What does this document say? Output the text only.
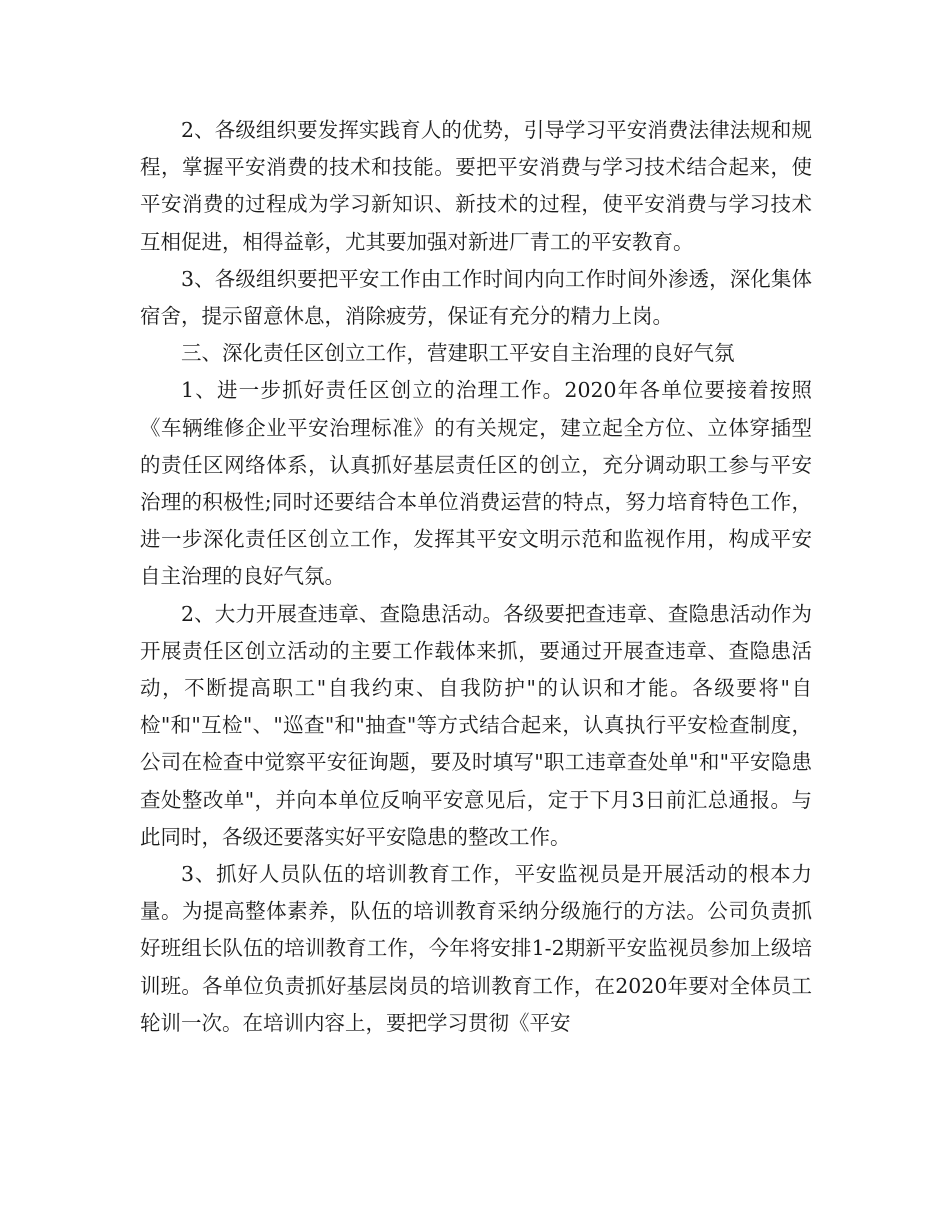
2、各级组织要发挥实践育人的优势，引导学习平安消费法律法规和规程，掌握平安消费的技术和技能。要把平安消费与学习技术结合起来，使平安消费的过程成为学习新知识、新技术的过程，使平安消费与学习技术互相促进，相得益彰，尤其要加强对新进厂青工的平安教育。

3、各级组织要把平安工作由工作时间内向工作时间外渗透，深化集体宿舍，提示留意休息，消除疲劳，保证有充分的精力上岗。

三、深化责任区创立工作，营建职工平安自主治理的良好气氛

1、进一步抓好责任区创立的治理工作。2020年各单位要接着按照《车辆维修企业平安治理标准》的有关规定，建立起全方位、立体穿插型的责任区网络体系，认真抓好基层责任区的创立，充分调动职工参与平安治理的积极性;同时还要结合本单位消费运营的特点，努力培育特色工作，进一步深化责任区创立工作，发挥其平安文明示范和监视作用，构成平安自主治理的良好气氛。

2、大力开展查违章、查隐患活动。各级要把查违章、查隐患活动作为开展责任区创立活动的主要工作载体来抓，要通过开展查违章、查隐患活动，不断提高职工"自我约束、自我防护"的认识和才能。各级要将"自检"和"互检"、"巡查"和"抽查"等方式结合起来，认真执行平安检查制度，公司在检查中觉察平安征询题，要及时填写"职工违章查处单"和"平安隐患查处整改单"，并向本单位反响平安意见后，定于下月3日前汇总通报。与此同时，各级还要落实好平安隐患的整改工作。

3、抓好人员队伍的培训教育工作，平安监视员是开展活动的根本力量。为提高整体素养，队伍的培训教育采纳分级施行的方法。公司负责抓好班组长队伍的培训教育工作，今年将安排1-2期新平安监视员参加上级培训班。各单位负责抓好基层岗员的培训教育工作，在2020年要对全体员工轮训一次。在培训内容上，要把学习贯彻《平安
